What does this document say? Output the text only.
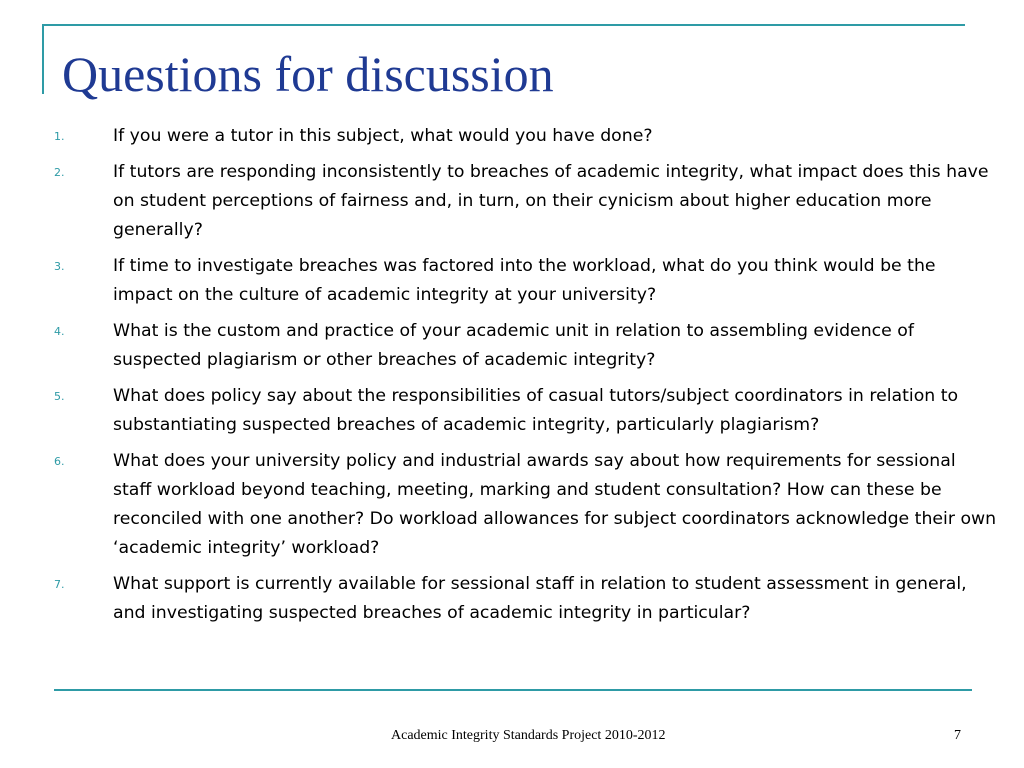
Questions for discussion
1.	If you were a tutor in this subject, what would you have done?
2.	If tutors are responding inconsistently to breaches of academic integrity, what impact does this have on student perceptions of fairness and, in turn, on their cynicism about higher education more generally?
3.	If time to investigate breaches was factored into the workload, what do you think would be the impact on the culture of academic integrity at your university?
4.	What is the custom and practice of your academic unit in relation to assembling evidence of suspected plagiarism or other breaches of academic integrity?
5.	What does policy say about the responsibilities of casual tutors/subject coordinators in relation to substantiating suspected breaches of academic integrity, particularly plagiarism?
6.	What does your university policy and industrial awards say about how requirements for sessional staff workload beyond teaching, meeting, marking and student consultation? How can these be reconciled with one another? Do workload allowances for subject coordinators acknowledge their own ‘academic integrity’ workload?
7.	What support is currently available for sessional staff in relation to student assessment in general, and investigating suspected breaches of academic integrity in particular?
Academic Integrity Standards Project 2010-2012	7
